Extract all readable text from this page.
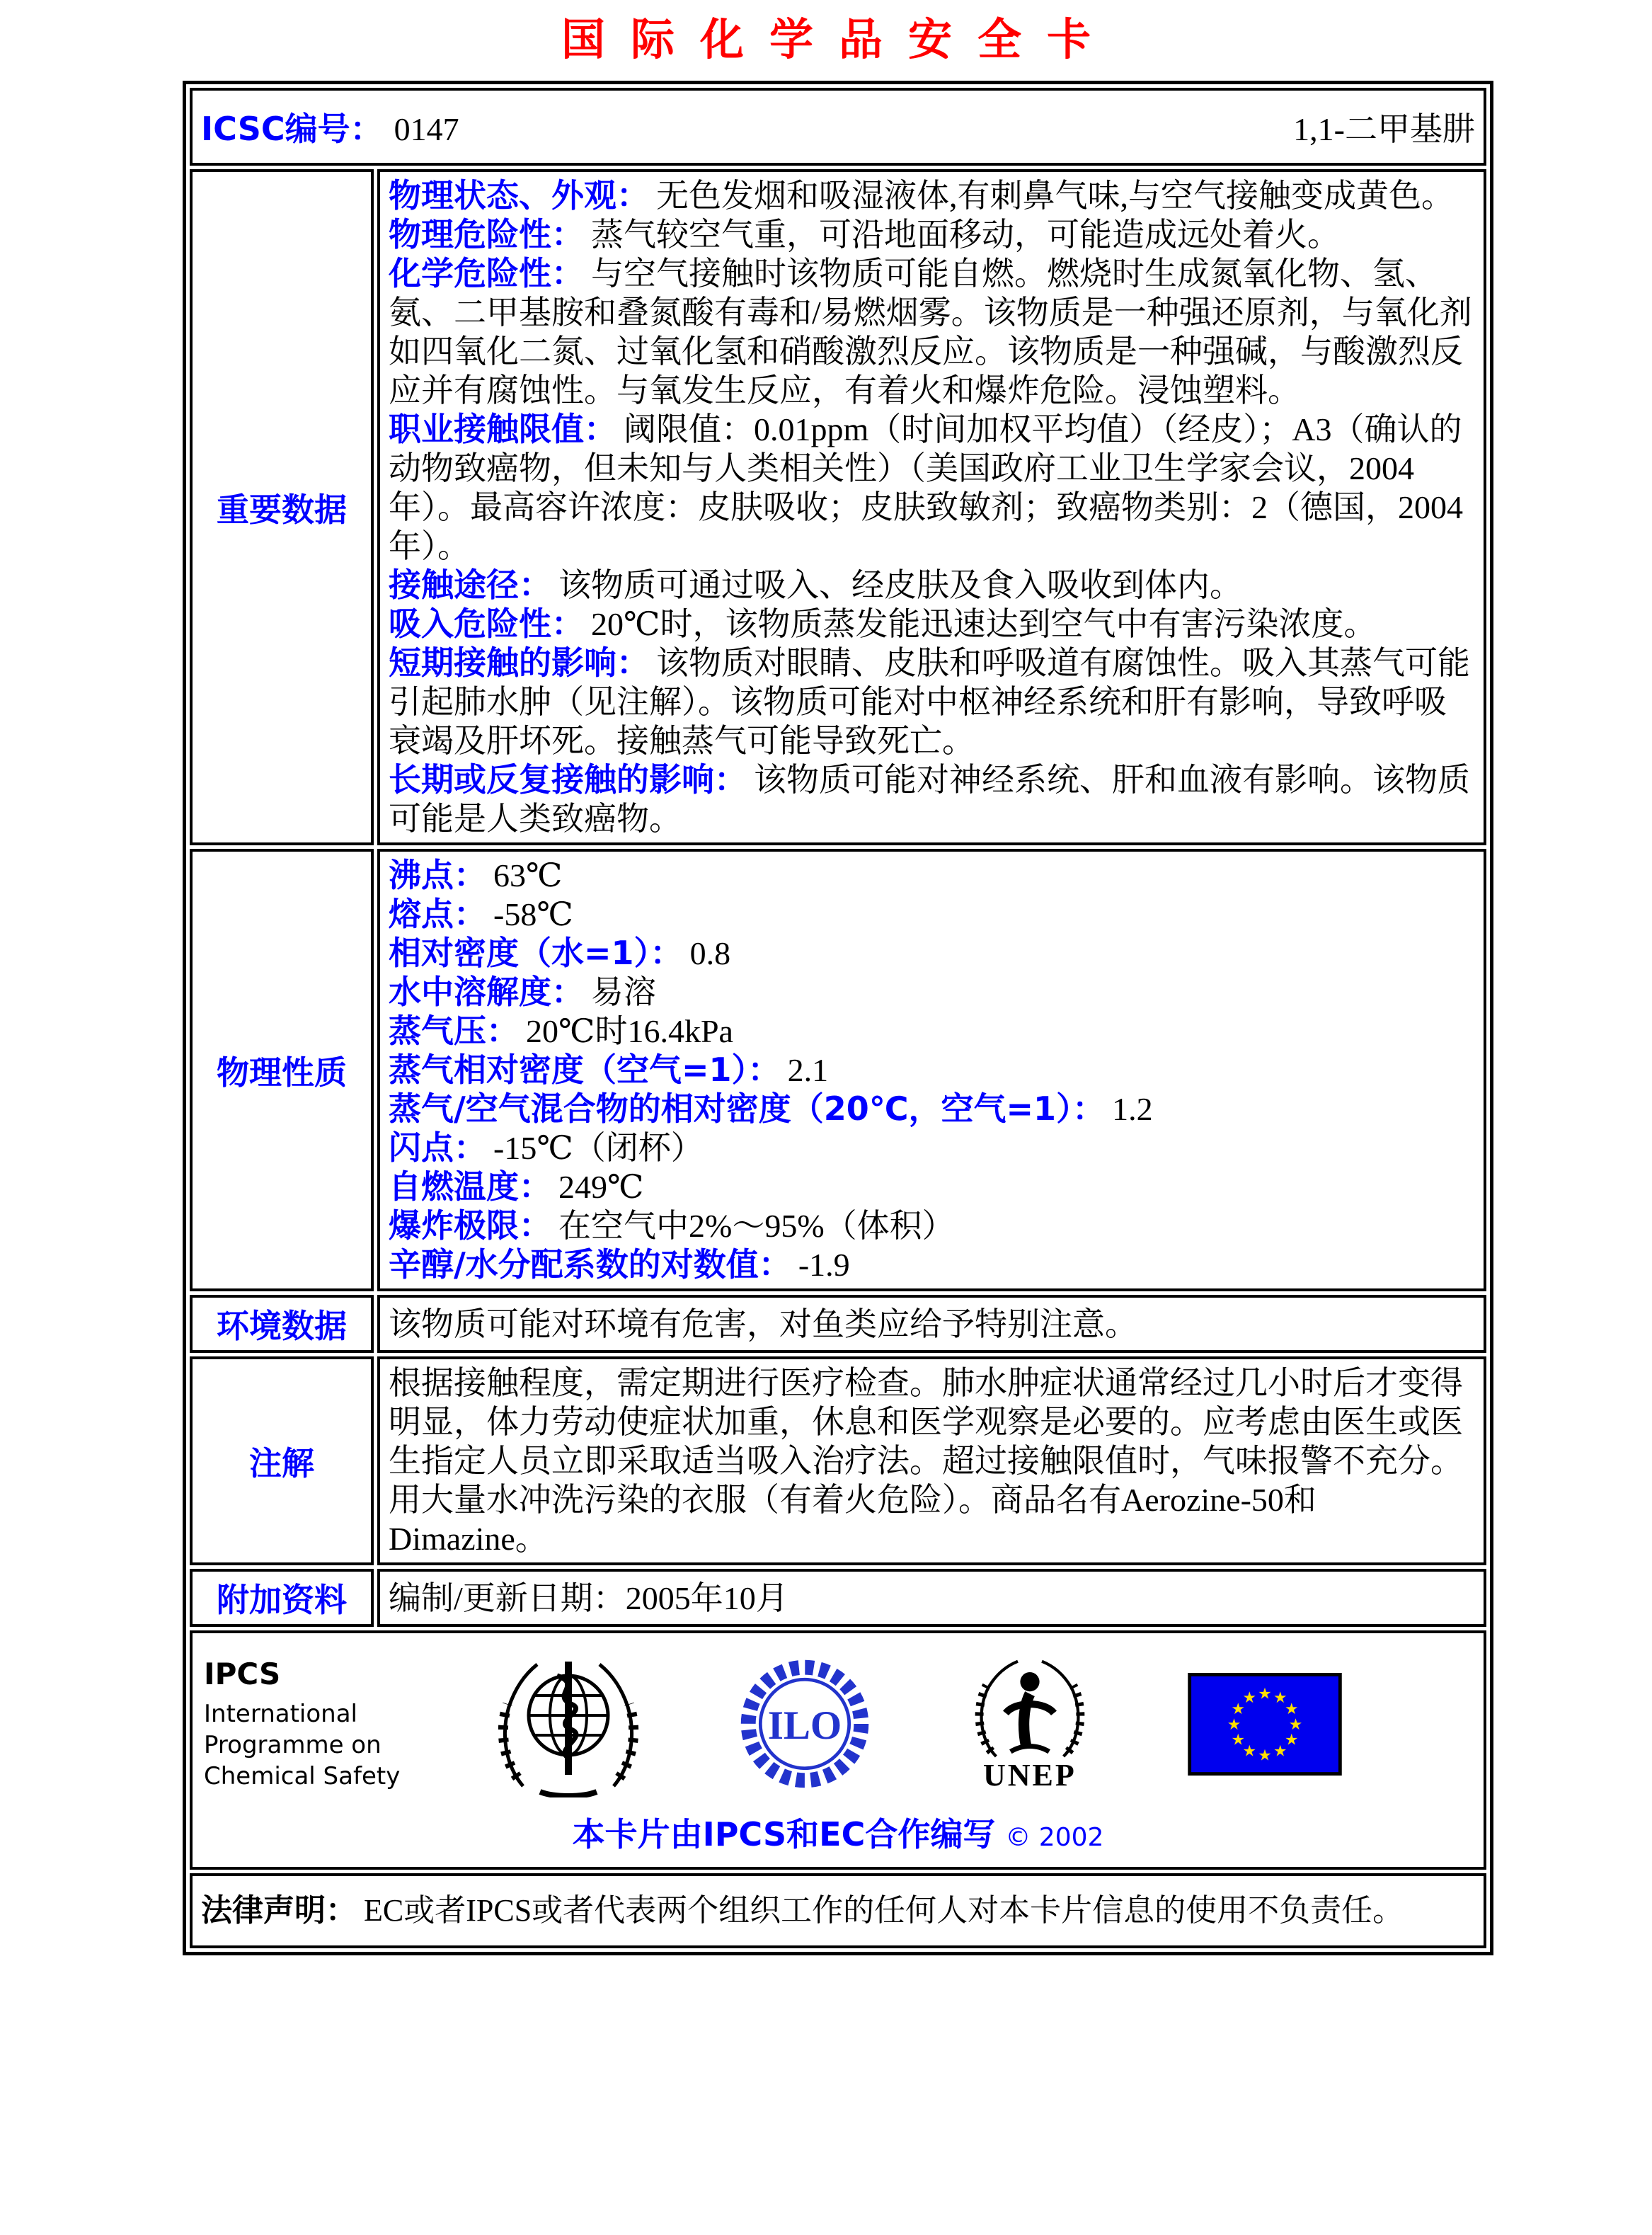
国际化学品安全卡
ICSC编号： 0147 1,1-二甲基肼	

重要数据	
物理状态、外观： 无色发烟和吸湿液体,有刺鼻气味,与空气接触变成黄色。
物理危险性： 蒸气较空气重，可沿地面移动，可能造成远处着火。
化学危险性： 与空气接触时该物质可能自燃。燃烧时生成氮氧化物、氢、氨、二甲基胺和叠氮酸有毒和/易燃烟雾。该物质是一种强还原剂，与氧化剂如四氧化二氮、过氧化氢和硝酸激烈反应。该物质是一种强碱，与酸激烈反应并有腐蚀性。与氧发生反应，有着火和爆炸危险。浸蚀塑料。
职业接触限值： 阈限值：0.01ppm（时间加权平均值）（经皮）；A3（确认的动物致癌物，但未知与人类相关性）（美国政府工业卫生学家会议，2004年）。最高容许浓度：皮肤吸收；皮肤致敏剂；致癌物类别：2（德国，2004年）。
接触途径： 该物质可通过吸入、经皮肤及食入吸收到体内。
吸入危险性： 20℃时，该物质蒸发能迅速达到空气中有害污染浓度。
短期接触的影响： 该物质对眼睛、皮肤和呼吸道有腐蚀性。吸入其蒸气可能引起肺水肿（见注解）。该物质可能对中枢神经系统和肝有影响，导致呼吸衰竭及肝坏死。接触蒸气可能导致死亡。
长期或反复接触的影响： 该物质可能对神经系统、肝和血液有影响。该物质可能是人类致癌物。

物理性质	
沸点： 63℃
熔点： -58℃
相对密度（水=1）： 0.8
水中溶解度： 易溶
蒸气压： 20℃时16.4kPa
蒸气相对密度（空气=1）： 2.1
蒸气/空气混合物的相对密度（20℃，空气=1）： 1.2
闪点： -15℃（闭杯）
自燃温度： 249℃
爆炸极限： 在空气中2%～95%（体积）
辛醇/水分配系数的对数值： -1.9

环境数据	该物质可能对环境有危害，对鱼类应给予特别注意。
注解	根据接触程度，需定期进行医疗检查。肺水肿症状通常经过几小时后才变得明显，体力劳动使症状加重，休息和医学观察是必要的。应考虑由医生或医生指定人员立即采取适当吸入治疗法。超过接触限值时，气味报警不充分。用大量水冲洗污染的衣服（有着火危险）。商品名有Aerozine-50和Dimazine。
附加资料	编制/更新日期：2005年10月

IPCS
International
Programme on
Chemical Safety
ILO
UNEP
★ ★
★
★
★
★
★
★
★
★
★
★
本卡片由IPCS和EC合作编写 © 2002

法律声明： EC或者IPCS或者代表两个组织工作的任何人对本卡片信息的使用不负责任。	
